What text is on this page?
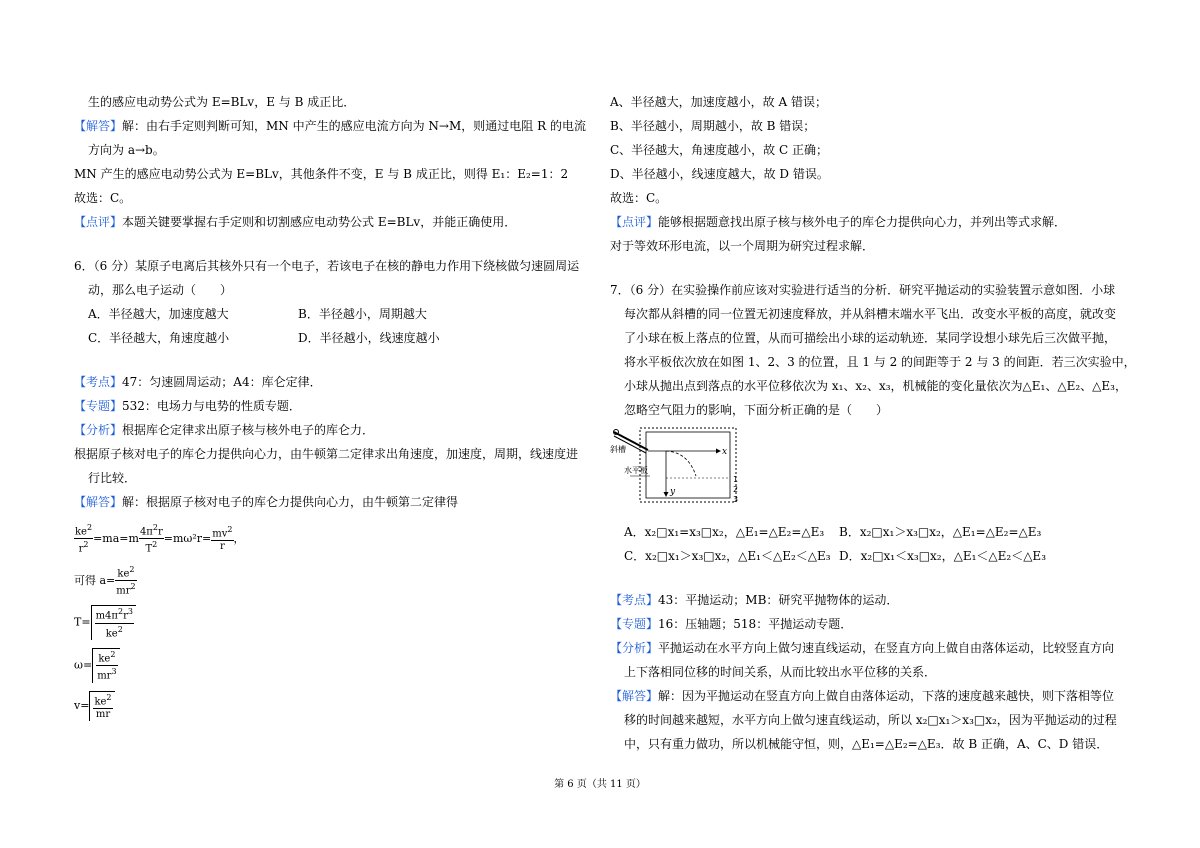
生的感应电动势公式为 E=BLv，E 与 B 成正比．

【解答】解：由右手定则判断可知，MN 中产生的感应电流方向为 N→M，则通过电阻 R 的电流

方向为 a→b。

MN 产生的感应电动势公式为 E=BLv，其他条件不变，E 与 B 成正比，则得 E₁：E₂=1：2

故选：C。

【点评】本题关键要掌握右手定则和切割感应电动势公式 E=BLv，并能正确使用．

6．（6 分）某原子电离后其核外只有一个电子，若该电子在核的静电力作用下绕核做匀速圆周运

动，那么电子运动（　　）

A．半径越大，加速度越大	B．半径越小，周期越大
C．半径越大，角速度越小	D．半径越小，线速度越小

【考点】47：匀速圆周运动；A4：库仑定律．

【专题】532：电场力与电势的性质专题．

【分析】根据库仑定律求出原子核与核外电子的库仑力．

根据原子核对电子的库仑力提供向心力，由牛顿第二定律求出角速度，加速度，周期，线速度进

行比较．

【解答】解：根据原子核对电子的库仑力提供向心力，由牛顿第二定律得

$\frac{ke^2}{r^2} =ma=m \frac{4\pi^2r}{T^2} =m\omega^2r= \frac{mv^2}{r}$ ，
可得 $a= \frac{ke^2}{mr^2}$
$T= \frac{m4\pi^2r^3}{ke^2}$
$\omega= \frac{ke^2}{mr^3}$
$v= \frac{ke^2}{mr}$

A、半径越大，加速度越小，故 A 错误；

B、半径越小，周期越小，故 B 错误；

C、半径越大，角速度越小，故 C 正确；

D、半径越小，线速度越大，故 D 错误。

故选：C。

【点评】能够根据题意找出原子核与核外电子的库仑力提供向心力，并列出等式求解．

对于等效环形电流，以一个周期为研究过程求解．

7．（6 分）在实验操作前应该对实验进行适当的分析．研究平抛运动的实验装置示意如图．小球

每次都从斜槽的同一位置无初速度释放，并从斜槽末端水平飞出．改变水平板的高度，就改变

了小球在板上落点的位置，从而可描绘出小球的运动轨迹．某同学设想小球先后三次做平抛，

将水平板依次放在如图 1、2、3 的位置，且 1 与 2 的间距等于 2 与 3 的间距．若三次实验中，

小球从抛出点到落点的水平位移依次为 x₁、x₂、x₃，机械能的变化量依次为△E₁、△E₂、△E₃，

忽略空气阻力的影响，下面分析正确的是（　　）

斜槽
水平板
x
y
1
2
3
A．x₂□x₁=x₃□x₂，△E₁=△E₂=△E₃	B．x₂□x₁＞x₃□x₂，△E₁=△E₂=△E₃
C．x₂□x₁＞x₃□x₂，△E₁＜△E₂＜△E₃ D．x₂□x₁＜x₃□x₂，△E₁＜△E₂＜△E₃

【考点】43：平抛运动；MB：研究平抛物体的运动．

【专题】16：压轴题；518：平抛运动专题．

【分析】平抛运动在水平方向上做匀速直线运动，在竖直方向上做自由落体运动，比较竖直方向

上下落相同位移的时间关系，从而比较出水平位移的关系．

【解答】解：因为平抛运动在竖直方向上做自由落体运动，下落的速度越来越快，则下落相等位

移的时间越来越短，水平方向上做匀速直线运动，所以 x₂□x₁＞x₃□x₂，因为平抛运动的过程

中，只有重力做功，所以机械能守恒，则，△E₁=△E₂=△E₃．故 B 正确，A、C、D 错误．

第 6 页（共 11 页）
